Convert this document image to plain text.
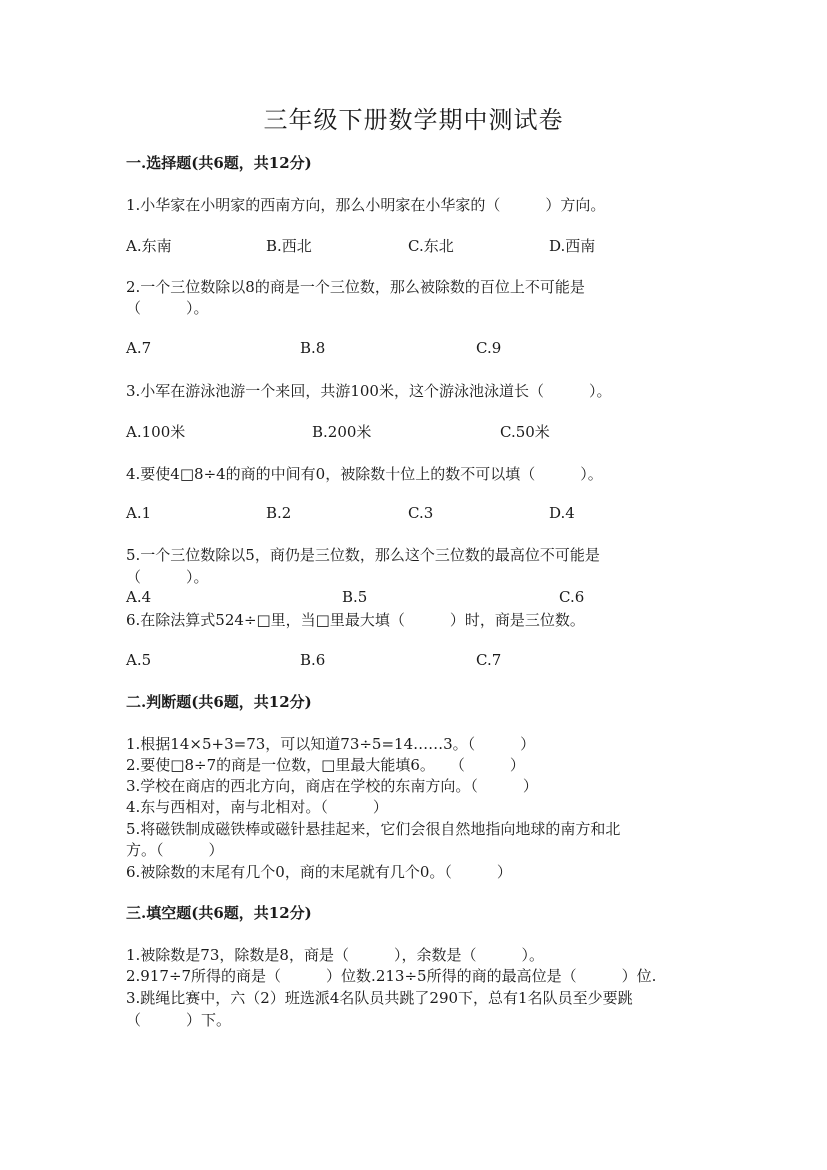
三年级下册数学期中测试卷
一.选择题(共6题，共12分)
1.小华家在小明家的西南方向，那么小明家在小华家的（　　　）方向。
A.东南	B.西北	C.东北	D.西南
2.一个三位数除以8的商是一个三位数，那么被除数的百位上不可能是
（　　　）。
A.7	B.8	C.9
3.小军在游泳池游一个来回，共游100米，这个游泳池泳道长（　　　）。
A.100米	B.200米	C.50米
4.要使4□8÷4的商的中间有0，被除数十位上的数不可以填（　　　）。
A.1	B.2	C.3	D.4
5.一个三位数除以5，商仍是三位数，那么这个三位数的最高位不可能是
（　　　）。
A.4	B.5	C.6
6.在除法算式524÷□里，当□里最大填（　　　）时，商是三位数。
A.5	B.6	C.7
二.判断题(共6题，共12分)
1.根据14×5+3=73，可以知道73÷5=14……3。（　　　）
2.要使□8÷7的商是一位数，□里最大能填6。　　（　　　）
3.学校在商店的西北方向，商店在学校的东南方向。（　　　）
4.东与西相对，南与北相对。（　　　）
5.将磁铁制成磁铁棒或磁针悬挂起来，它们会很自然地指向地球的南方和北
方。（　　　）
6.被除数的末尾有几个0，商的末尾就有几个0。（　　　）
三.填空题(共6题，共12分)
1.被除数是73，除数是8，商是（　　　），余数是（　　　）。
2.917÷7所得的商是（　　　）位数.213÷5所得的商的最高位是（　　　）位.
3.跳绳比赛中，六（2）班选派4名队员共跳了290下，总有1名队员至少要跳
（　　　）下。
